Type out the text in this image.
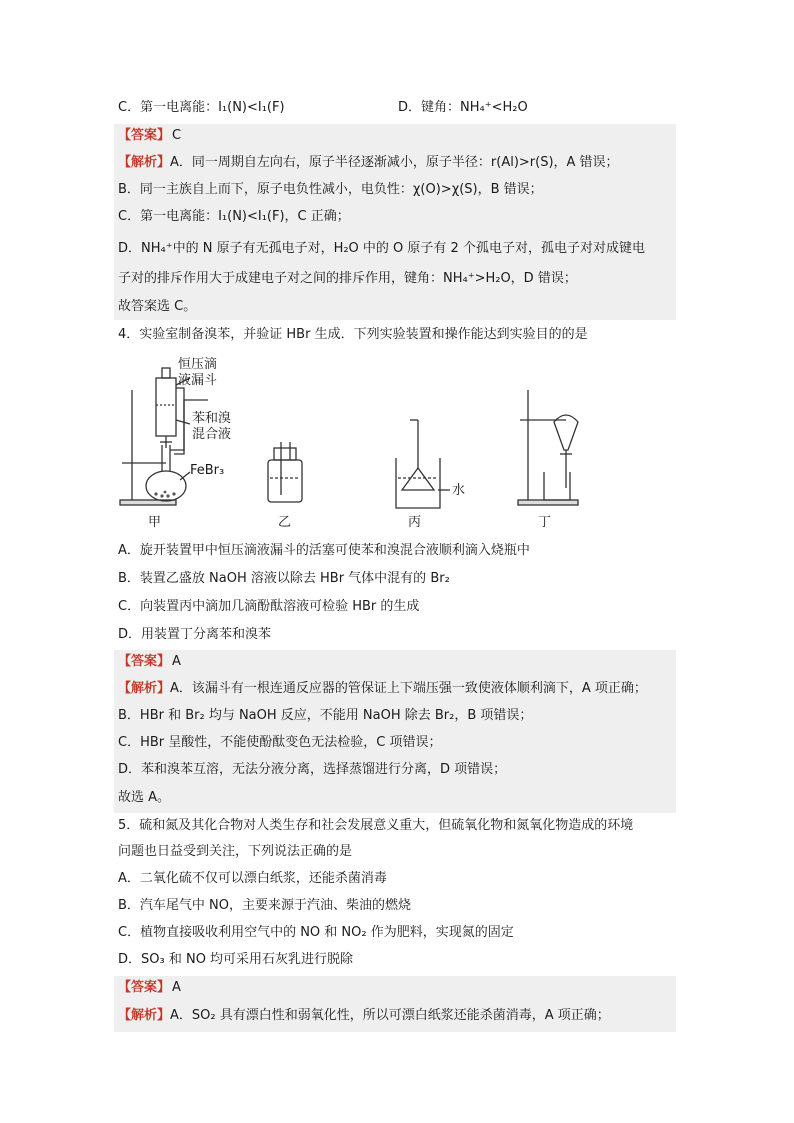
C．第一电离能：I₁(N)<I₁(F)	D．键角：NH₄⁺<H₂O
【答案】 C
【解析】A．同一周期自左向右，原子半径逐渐减小，原子半径：r(Al)>r(S)，A 错误；
B．同一主族自上而下，原子电负性减小，电负性：χ(O)>χ(S)，B 错误；
C．第一电离能：I₁(N)<I₁(F)，C 正确；
D．NH₄⁺中的 N 原子有无孤电子对，H₂O 中的 O 原子有 2 个孤电子对，孤电子对对成键电
子对的排斥作用大于成建电子对之间的排斥作用，键角：NH₄⁺>H₂O，D 错误；
故答案选 C。
4．实验室制备溴苯，并验证 HBr 生成．下列实验装置和操作能达到实验目的的是
恒压滴
液漏斗
苯和溴
混合液
FeBr₃
水
甲	乙	丙	丁
A．旋开装置甲中恒压滴液漏斗的活塞可使苯和溴混合液顺利滴入烧瓶中
B．装置乙盛放 NaOH 溶液以除去 HBr 气体中混有的 Br₂
C．向装置丙中滴加几滴酚酞溶液可检验 HBr 的生成
D．用装置丁分离苯和溴苯
【答案】 A
【解析】A．该漏斗有一根连通反应器的管保证上下端压强一致使液体顺利滴下，A 项正确；
B．HBr 和 Br₂ 均与 NaOH 反应，不能用 NaOH 除去 Br₂，B 项错误；
C．HBr 呈酸性，不能使酚酞变色无法检验，C 项错误；
D．苯和溴苯互溶，无法分液分离，选择蒸馏进行分离，D 项错误；
故选 A。
5．硫和氮及其化合物对人类生存和社会发展意义重大，但硫氧化物和氮氧化物造成的环境
问题也日益受到关注，下列说法正确的是
A．二氧化硫不仅可以漂白纸浆，还能杀菌消毒
B．汽车尾气中 NO，主要来源于汽油、柴油的燃烧
C．植物直接吸收利用空气中的 NO 和 NO₂ 作为肥料，实现氮的固定
D．SO₃ 和 NO 均可采用石灰乳进行脱除
【答案】 A
【解析】A．SO₂ 具有漂白性和弱氧化性，所以可漂白纸浆还能杀菌消毒，A 项正确；
